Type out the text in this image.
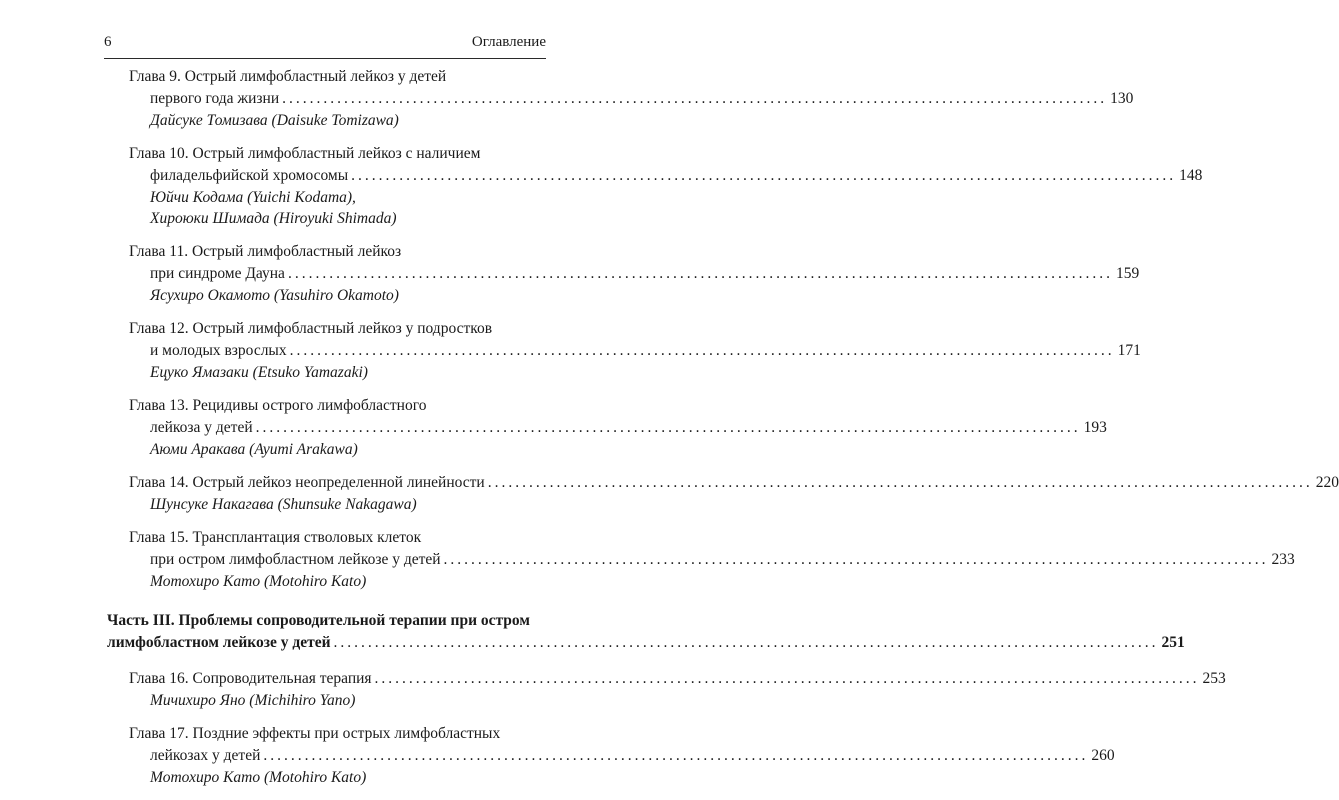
6	Оглавление
Глава 9. Острый лимфобластный лейкоз у детей
первого года жизни ........................................................................................................................ 130
Дайсуке Томизава (Daisuke Tomizawa)
Глава 10. Острый лимфобластный лейкоз с наличием
филадельфийской хромосомы ........................................................................................................................ 148
Юйчи Кодама (Yuichi Kodama),
Хироюки Шимада (Hiroyuki Shimada)
Глава 11. Острый лимфобластный лейкоз
при синдроме Дауна ........................................................................................................................ 159
Ясухиро Окамото (Yasuhiro Okamoto)
Глава 12. Острый лимфобластный лейкоз у подростков
и молодых взрослых ........................................................................................................................ 171
Ецуко Ямазаки (Etsuko Yamazaki)
Глава 13. Рецидивы острого лимфобластного
лейкоза у детей ........................................................................................................................ 193
Аюми Аракава (Ayumi Arakawa)
Глава 14. Острый лейкоз неопределенной линейности ........................................................................................................................ 220
Шунсуке Накагава (Shunsuke Nakagawa)
Глава 15. Трансплантация стволовых клеток
при остром лимфобластном лейкозе у детей ........................................................................................................................ 233
Мотохиро Като (Motohiro Kato)
Часть III. Проблемы сопроводительной терапии при остром
лимфобластном лейкозе у детей ........................................................................................................................ 251
Глава 16. Сопроводительная терапия ........................................................................................................................ 253
Мичихиро Яно (Michihiro Yano)
Глава 17. Поздние эффекты при острых лимфобластных
лейкозах у детей ........................................................................................................................ 260
Мотохиро Като (Motohiro Kato)
